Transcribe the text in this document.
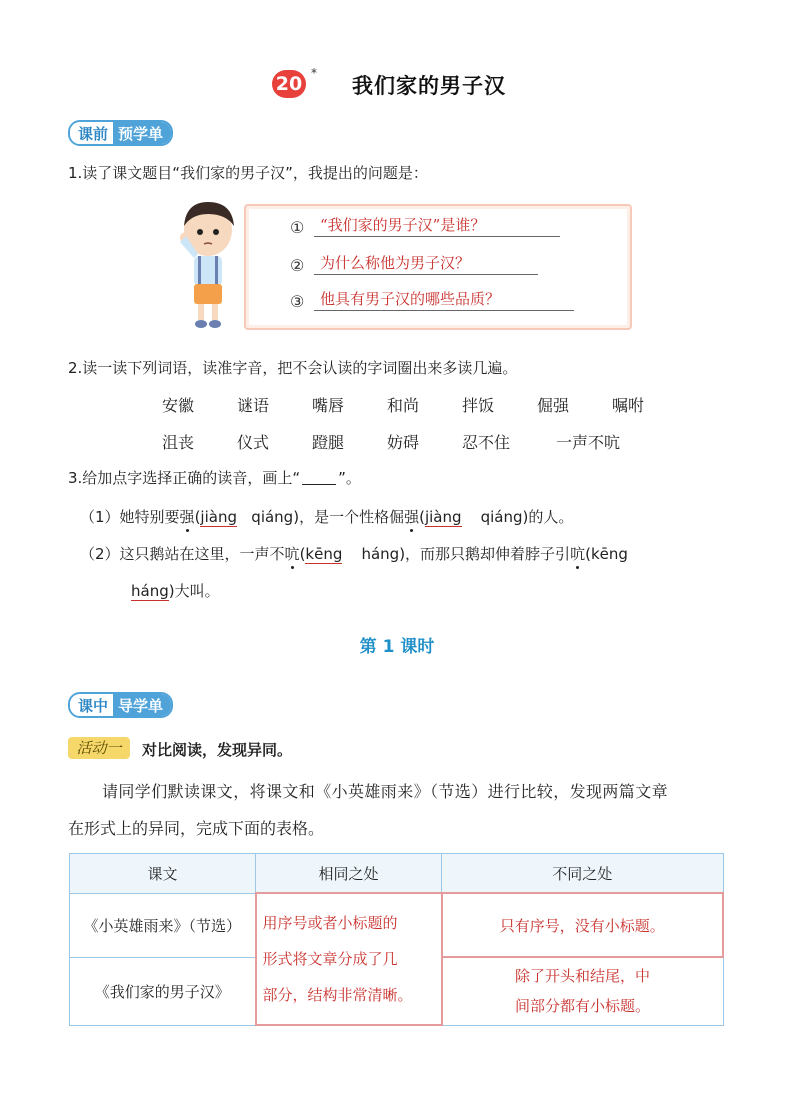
20 *
我们家的男子汉
课前 预学单
1.读了课文题目“我们家的男子汉”，我提出的问题是：
①	“我们家的男子汉”是谁？
②	为什么称他为男子汉？
③	他具有男子汉的哪些品质？
2.读一读下列词语，读准字音，把不会认读的字词圈出来多读几遍。
安徽	谜语	嘴唇	和尚	拌饭	倔强	嘱咐
沮丧	仪式	蹬腿	妨碍	忍不住	一声不吭
3.给加点字选择正确的读音，画上“	”。
（1）她特别要强(jiàng qiáng)，是一个性格倔强(jiàng qiáng)的人。
（2）这只鹅站在这里，一声不吭(kēng háng)，而那只鹅却伸着脖子引吭(kēng
háng)大叫。
第 1 课时
课中 导学单
活动一	对比阅读，发现异同。
请同学们默读课文，将课文和《小英雄雨来》（节选）进行比较，发现两篇文章
在形式上的异同，完成下面的表格。
课文	相同之处	不同之处
《小英雄雨来》（节选）	用序号或者小标题的
形式将文章分成了几
部分，结构非常清晰。	只有序号，没有小标题。
《我们家的男子汉》		除了开头和结尾，中
间部分都有小标题。
